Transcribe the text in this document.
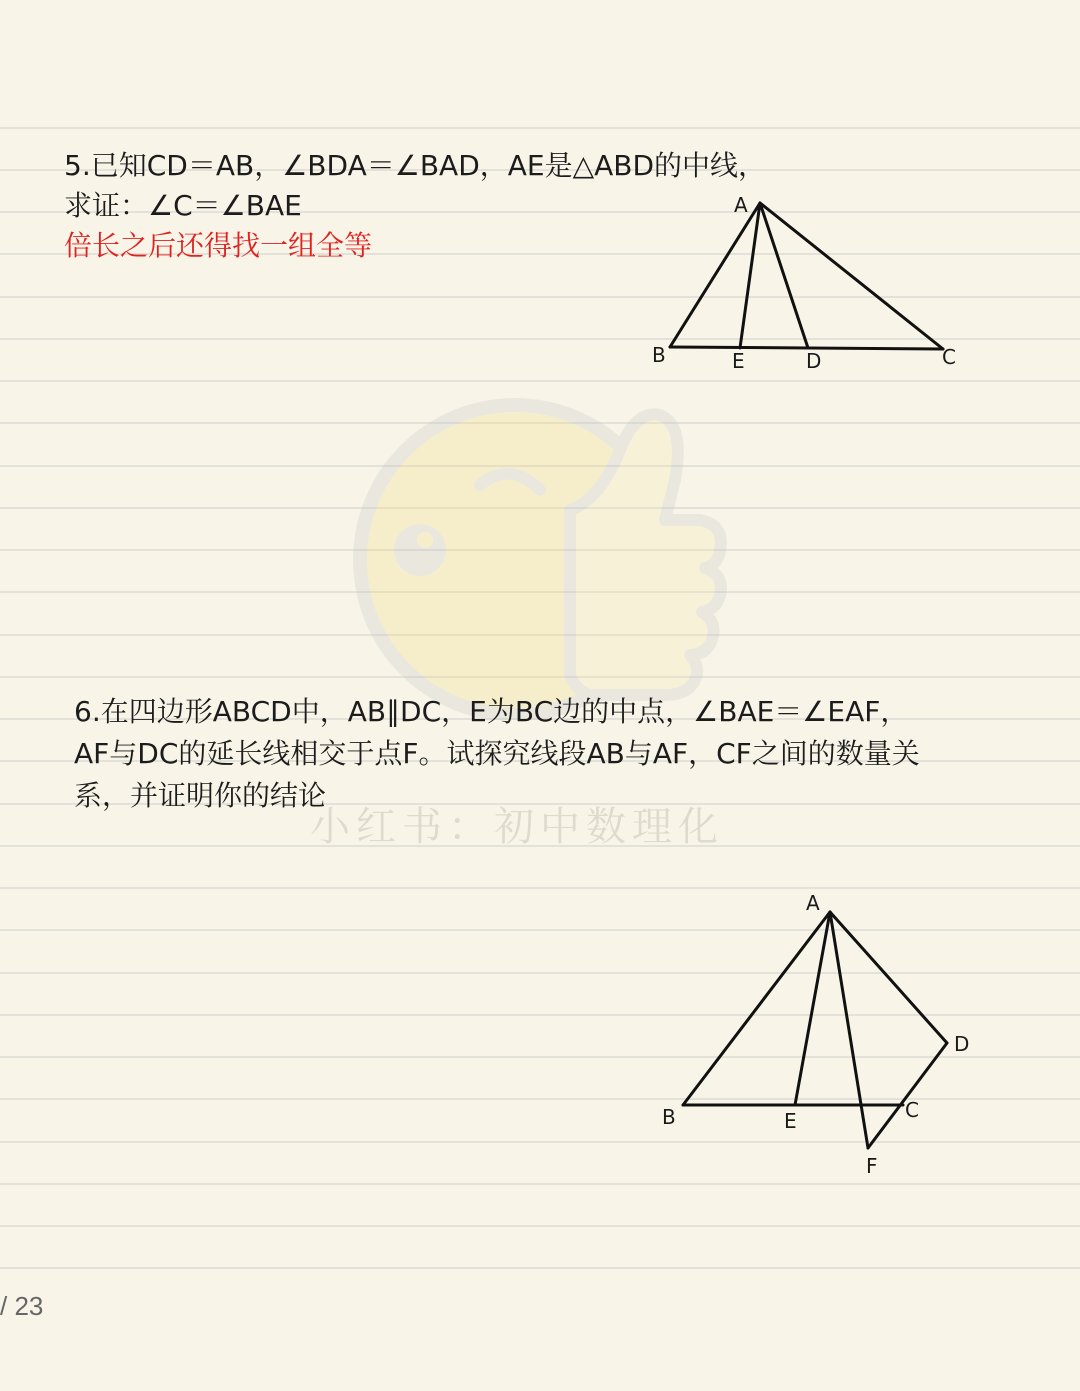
小红书：初中数理化
5.已知CD＝AB，∠BDA＝∠BAD，AE是△ABD的中线，
求证：∠C＝∠BAE
倍长之后还得找一组全等
A
B	E	D	C
6.在四边形ABCD中，AB∥DC，E为BC边的中点，∠BAE＝∠EAF，
AF与DC的延长线相交于点F。试探究线段AB与AF，CF之间的数量关
系，并证明你的结论
A
B	E	C
D
F
/ 23
